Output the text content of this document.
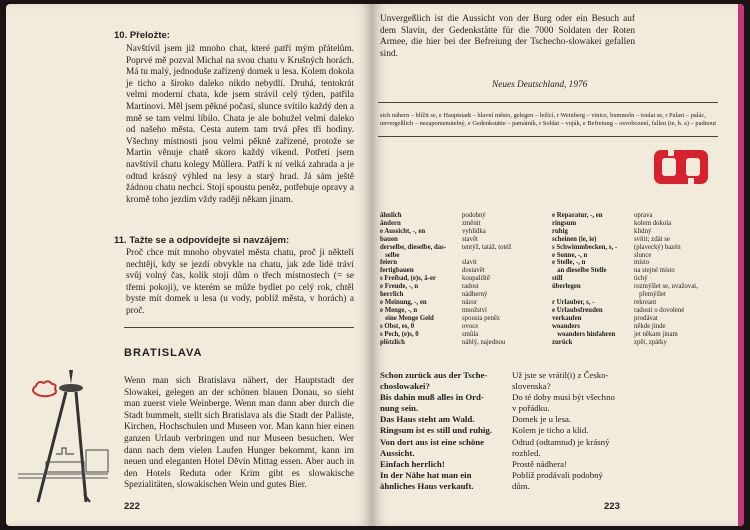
10. Přeložte:

Navštívil jsem již mnoho chat, které patří mým přátelům. Poprvé mě pozval Michal na svou chatu v Krušných horách. Má tu malý, jednoduše zařízený domek u lesa. Kolem dokola je ticho a široko daleko nikdo nebydlí. Druhá, tentokrát velmi moderní chata, kde jsem strávil celý týden, patřila Martinovi. Měl jsem pěkné počasí, slunce svítilo každý den a mně se tam velmi líbilo. Chata je ale bohužel velmi daleko od našeho města. Cesta autem tam trvá přes tři hodiny. Všechny místnosti jsou velmi pěkně zařízené, protože se Martin věnuje chatě skoro každý víkend. Potřetí jsem navštívil chatu kolegy Müllera. Patří k ní velká zahrada a je odtud krásný výhled na lesy a starý hrad. Já sám ještě žádnou chatu nechci. Stojí spoustu peněz, potřebuje opravy a kromě toho jezdím vždy raději někam jinam.

11. Tažte se a odpovídejte si navzájem:

Proč chce mít mnoho obyvatel města chatu, proč ji někteří nechtějí, kdy se jezdí obvykle na chatu, jak zde lidé tráví svůj volný čas, kolik stojí dům o třech místnostech (= se třemi pokoji), ve kterém se může bydlet po celý rok, chtěl byste mít domek u lesa (u vody, poblíž města, v horách) a proč.

BRATISLAVA

Wenn man sich Bratislava nähert, der Hauptstadt der Slowakei, gelegen an der schönen blauen Donau, so sieht man zuerst viele Weinberge. Wenn man dann aber durch die Stadt bummelt, stellt sich Bratislava als die Stadt der Paläste, Kirchen, Hochschulen und Museen vor. Man kann hier einen ganzen Urlaub verbringen und nur Museen besuchen. Wer dann nach dem vielen Laufen Hunger bekommt, kann im neuen und eleganten Hotel Děvín Mittag essen. Aber auch in den Hotels Reduta oder Krim gibt es slowakische Spezialitäten, slowakischen Wein und gutes Bier.

222

Unvergeßlich ist die Aussicht von der Burg oder ein Besuch auf dem Slavín, der Gedenkstätte für die 7000 Soldaten der Roten Armee, die hier bei der Befreiung der Tschecho-slowakei gefallen sind.

Neues Deutschland, 1976

sich nähern – blížit se, e Hauptstadt – hlavní město, gelegen – ležící, r Weinberg – vinice, bummeln – toulat se, r Palast – palác, unvergeßlich – nezapomenutelný, e Gedenkstätte – památník, r Soldat – voják, e Befreiung – osvobození, fallen (ie, h. a) – padnout

ähnlich
ändern
e Aussicht, -, en
bauen
derselbe, dieselbe, das-
selbe
feiern
fertigbauen
s Freibad, (e)s, ä-er
e Freude, -, n
herrlich
e Meinung, -, en
e Menge, -, n
eine Menge Geld
s Obst, es, 0
s Pech, (e)s, 0
plötzlich

podobný
změnit
vyhlídka
stavět
tentýž, tatáž, totéž

slavit
dostavět
koupaliště
radost
nádherný
názor
množství
spousta peněz
ovoce
smůla
náhlý, najednou

e Reparatur, -, en
ringsum
ruhig
scheinen (ie, ie)
s Schwimmbecken, s, -
e Sonne, -, n
e Stelle, -, n
an dieselbe Stelle
still
überlegen

r Urlauber, s, -
e Urlaubsfreuden
verkaufen
woanders
woanders hinfahren
zurück

oprava
kolem dokola
klidný
svítit; zdát se
(plavecký) bazén
slunce
místo
na stejné místo
tichý
rozmýšlet se, uvažovat,
přemýšlet
rekreant
radosti o dovolené
prodávat
někde jinde
jet někam jinam
zpět, zpátky

Schon zurück aus der Tsche-
choslowakei?
Bis dahin muß alles in Ord-
nung sein.
Das Haus steht am Wald.
Ringsum ist es still und ruhig.
Von dort aus ist eine schöne
Aussicht.
Einfach herrlich!
In der Nähe hat man ein
ähnliches Haus verkauft.

Už jste se vrátil(i) z Česko-
slovenska?
Do té doby musí být všechno
v pořádku.
Domek je u lesa.
Kolem je ticho a klid.
Odtud (odtamtud) je krásný
rozhled.
Prostě nádhera!
Poblíž prodávali podobný
dům.

223
